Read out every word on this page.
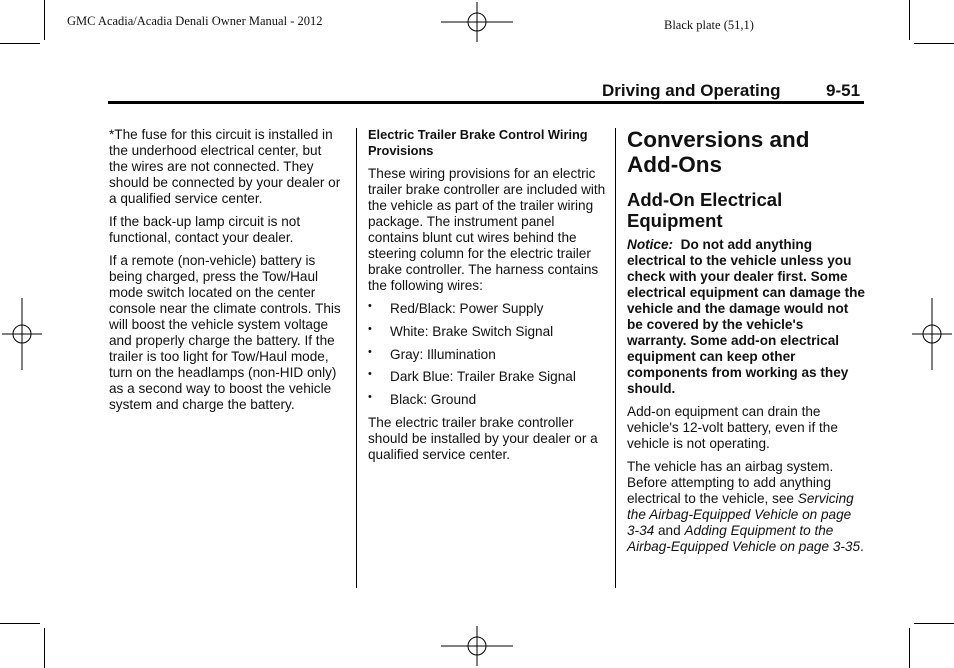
GMC Acadia/Acadia Denali Owner Manual - 2012	Black plate (51,1)
Driving and Operating	9-51

*The fuse for this circuit is installed in the underhood electrical center, but the wires are not connected. They should be connected by your dealer or a qualified service center.

If the back-up lamp circuit is not functional, contact your dealer.

If a remote (non-vehicle) battery is being charged, press the Tow/Haul mode switch located on the center console near the climate controls. This will boost the vehicle system voltage and properly charge the battery. If the trailer is too light for Tow/Haul mode, turn on the headlamps (non-HID only) as a second way to boost the vehicle system and charge the battery.

Electric Trailer Brake Control Wiring Provisions

These wiring provisions for an electric trailer brake controller are included with the vehicle as part of the trailer wiring package. The instrument panel contains blunt cut wires behind the steering column for the electric trailer brake controller. The harness contains the following wires:

• Red/Black: Power Supply
• White: Brake Switch Signal
• Gray: Illumination
• Dark Blue: Trailer Brake Signal
• Black: Ground

The electric trailer brake controller should be installed by your dealer or a qualified service center.

Conversions and
Add-Ons
Add-On Electrical
Equipment

Notice: Do not add anything electrical to the vehicle unless you check with your dealer first. Some electrical equipment can damage the vehicle and the damage would not be covered by the vehicle's warranty. Some add-on electrical equipment can keep other components from working as they should.

Add-on equipment can drain the vehicle's 12-volt battery, even if the vehicle is not operating.

The vehicle has an airbag system. Before attempting to add anything electrical to the vehicle, see Servicing the Airbag-Equipped Vehicle on page 3-34 and Adding Equipment to the Airbag-Equipped Vehicle on page 3-35.
